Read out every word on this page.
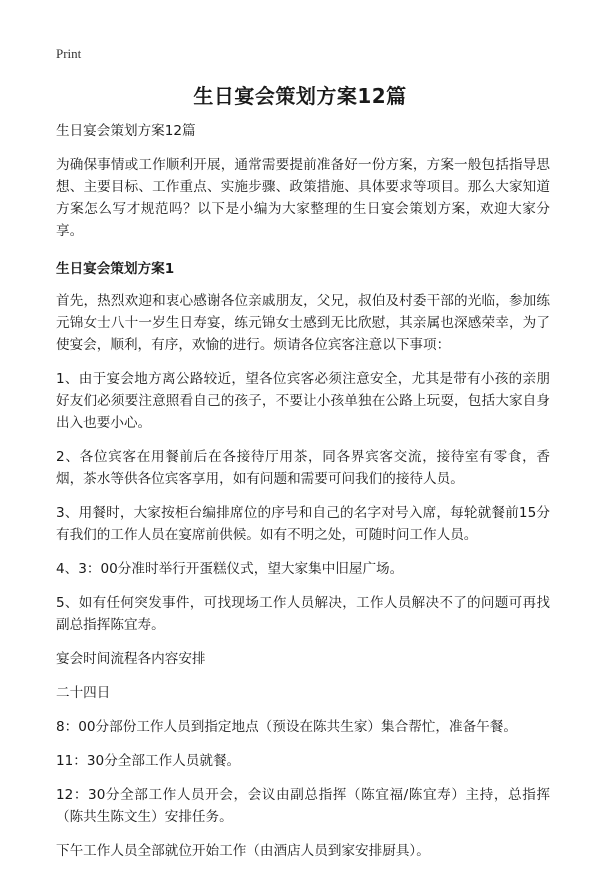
Print
生日宴会策划方案12篇

生日宴会策划方案12篇

为确保事情或工作顺利开展，通常需要提前准备好一份方案，方案一般包括指导思想、主要目标、工作重点、实施步骤、政策措施、具体要求等项目。那么大家知道方案怎么写才规范吗？以下是小编为大家整理的生日宴会策划方案，欢迎大家分享。

生日宴会策划方案1

首先，热烈欢迎和衷心感谢各位亲戚朋友，父兄，叔伯及村委干部的光临，参加练元锦女士八十一岁生日寿宴，练元锦女士感到无比欣慰，其亲属也深感荣幸，为了使宴会，顺利，有序，欢愉的进行。烦请各位宾客注意以下事项：

1、由于宴会地方离公路较近，望各位宾客必须注意安全，尤其是带有小孩的亲朋好友们必须要注意照看自己的孩子，不要让小孩单独在公路上玩耍，包括大家自身出入也要小心。

2、各位宾客在用餐前后在各接待厅用茶，同各界宾客交流，接待室有零食，香烟，茶水等供各位宾客享用，如有问题和需要可问我们的接待人员。

3、用餐时，大家按柜台编排席位的序号和自己的名字对号入席，每轮就餐前15分有我们的工作人员在宴席前供候。如有不明之处，可随时问工作人员。

4、3：00分准时举行开蛋糕仪式，望大家集中旧屋广场。

5、如有任何突发事件，可找现场工作人员解决，工作人员解决不了的问题可再找副总指挥陈宜寿。

宴会时间流程各内容安排

二十四日

8：00分部份工作人员到指定地点（预设在陈共生家）集合帮忙，准备午餐。

11：30分全部工作人员就餐。

12：30分全部工作人员开会，会议由副总指挥（陈宜福/陈宜寿）主持，总指挥（陈共生陈文生）安排任务。

下午工作人员全部就位开始工作（由酒店人员到家安排厨具）。
